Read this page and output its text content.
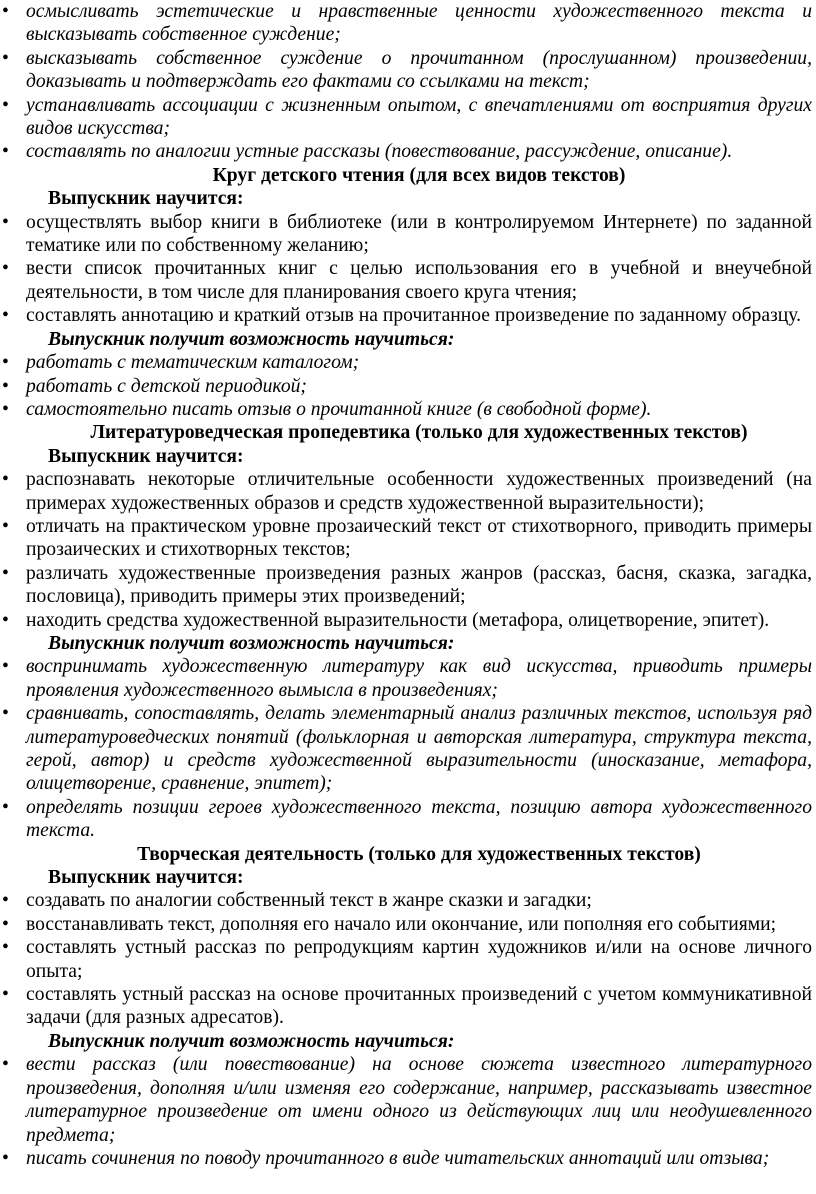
• осмысливать эстетические и нравственные ценности художественного текста и высказывать собственное суждение;
• высказывать собственное суждение о прочитанном (прослушанном) произведении, доказывать и подтверждать его фактами со ссылками на текст;
• устанавливать ассоциации с жизненным опытом, с впечатлениями от восприятия других видов искусства;
• составлять по аналогии устные рассказы (повествование, рассуждение, описание).
Круг детского чтения (для всех видов текстов)
Выпускник научится:
• осуществлять выбор книги в библиотеке (или в контролируемом Интернете) по заданной тематике или по собственному желанию;
• вести список прочитанных книг с целью использования его в учебной и внеучебной деятельности, в том числе для планирования своего круга чтения;
• составлять аннотацию и краткий отзыв на прочитанное произведение по заданному образцу.
Выпускник получит возможность научиться:
• работать с тематическим каталогом;
• работать с детской периодикой;
• самостоятельно писать отзыв о прочитанной книге (в свободной форме).
Литературоведческая пропедевтика (только для художественных текстов)
Выпускник научится:
• распознавать некоторые отличительные особенности художественных произведений (на примерах художественных образов и средств художественной выразительности);
• отличать на практическом уровне прозаический текст от стихотворного, приводить примеры прозаических и стихотворных текстов;
• различать художественные произведения разных жанров (рассказ, басня, сказка, загадка, пословица), приводить примеры этих произведений;
• находить средства художественной выразительности (метафора, олицетворение, эпитет).
Выпускник получит возможность научиться:
• воспринимать художественную литературу как вид искусства, приводить примеры проявления художественного вымысла в произведениях;
• сравнивать, сопоставлять, делать элементарный анализ различных текстов, используя ряд литературоведческих понятий (фольклорная и авторская литература, структура текста, герой, автор) и средств художественной выразительности (иносказание, метафора, олицетворение, сравнение, эпитет);
• определять позиции героев художественного текста, позицию автора художественного текста.
Творческая деятельность (только для художественных текстов)
Выпускник научится:
• создавать по аналогии собственный текст в жанре сказки и загадки;
• восстанавливать текст, дополняя его начало или окончание, или пополняя его событиями;
• составлять устный рассказ по репродукциям картин художников и/или на основе личного опыта;
• составлять устный рассказ на основе прочитанных произведений с учетом коммуникативной задачи (для разных адресатов).
Выпускник получит возможность научиться:
• вести рассказ (или повествование) на основе сюжета известного литературного произведения, дополняя и/или изменяя его содержание, например, рассказывать известное литературное произведение от имени одного из действующих лиц или неодушевленного предмета;
• писать сочинения по поводу прочитанного в виде читательских аннотаций или отзыва;
